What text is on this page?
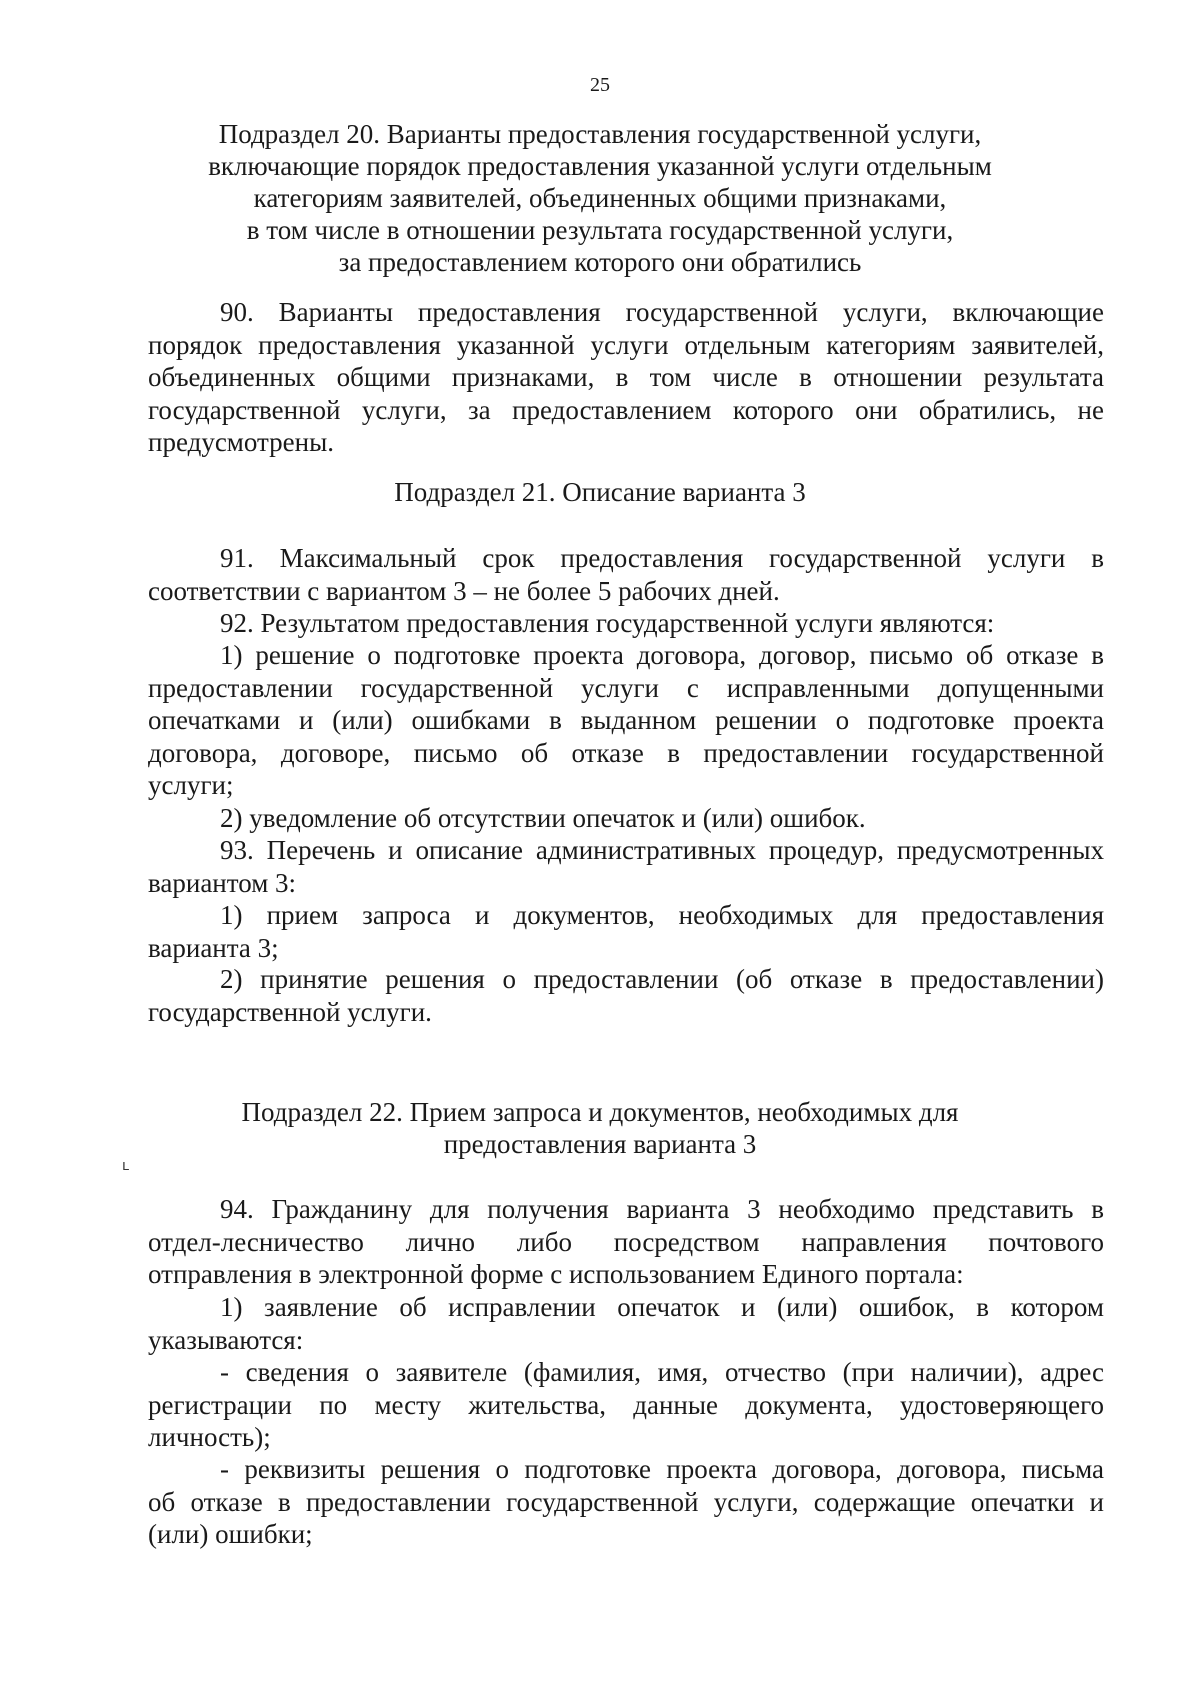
25
Подраздел 20. Варианты предоставления государственной услуги,
включающие порядок предоставления указанной услуги отдельным
категориям заявителей, объединенных общими признаками,
в том числе в отношении результата государственной услуги,
за предоставлением которого они обратились
90. Варианты предоставления государственной услуги, включающие
порядок предоставления указанной услуги отдельным категориям заявителей,
объединенных общими признаками, в том числе в отношении результата
государственной услуги, за предоставлением которого они обратились, не
предусмотрены.
Подраздел 21. Описание варианта 3
91. Максимальный срок предоставления государственной услуги в
соответствии с вариантом 3 – не более 5 рабочих дней.
92. Результатом предоставления государственной услуги являются:
1) решение о подготовке проекта договора, договор, письмо об отказе в
предоставлении государственной услуги с исправленными допущенными
опечатками и (или) ошибками в выданном решении о подготовке проекта
договора, договоре, письмо об отказе в предоставлении государственной
услуги;
2) уведомление об отсутствии опечаток и (или) ошибок.
93. Перечень и описание административных процедур, предусмотренных
вариантом 3:
1) прием запроса и документов, необходимых для предоставления
варианта 3;
2) принятие решения о предоставлении (об отказе в предоставлении)
государственной услуги.
Подраздел 22. Прием запроса и документов, необходимых для
предоставления варианта 3
ʟ
94. Гражданину для получения варианта 3 необходимо представить в
отдел-лесничество лично либо посредством направления почтового
отправления в электронной форме с использованием Единого портала:
1) заявление об исправлении опечаток и (или) ошибок, в котором
указываются:
- сведения о заявителе (фамилия, имя, отчество (при наличии), адрес
регистрации по месту жительства, данные документа, удостоверяющего
личность);
- реквизиты решения о подготовке проекта договора, договора, письма
об отказе в предоставлении государственной услуги, содержащие опечатки и
(или) ошибки;
